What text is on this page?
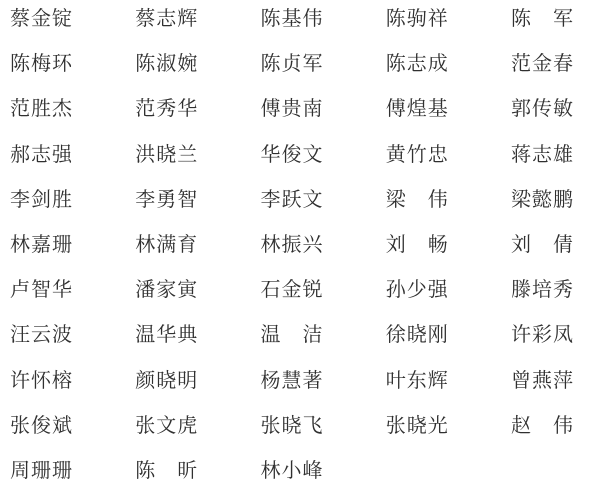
蔡金锭	蔡志辉	陈基伟	陈驹祥	陈　军
陈梅环	陈淑婉	陈贞军	陈志成	范金春
范胜杰	范秀华	傅贵南	傅煌基	郭传敏
郝志强	洪晓兰	华俊文	黄竹忠	蒋志雄
李剑胜	李勇智	李跃文	梁　伟	梁懿鹏
林嘉珊	林满育	林振兴	刘　畅	刘　倩
卢智华	潘家寅	石金锐	孙少强	滕培秀
汪云波	温华典	温　洁	徐晓刚	许彩凤
许怀榕	颜晓明	杨慧著	叶东辉	曾燕萍
张俊斌	张文虎	张晓飞	张晓光	赵　伟
周珊珊	陈　昕	林小峰
